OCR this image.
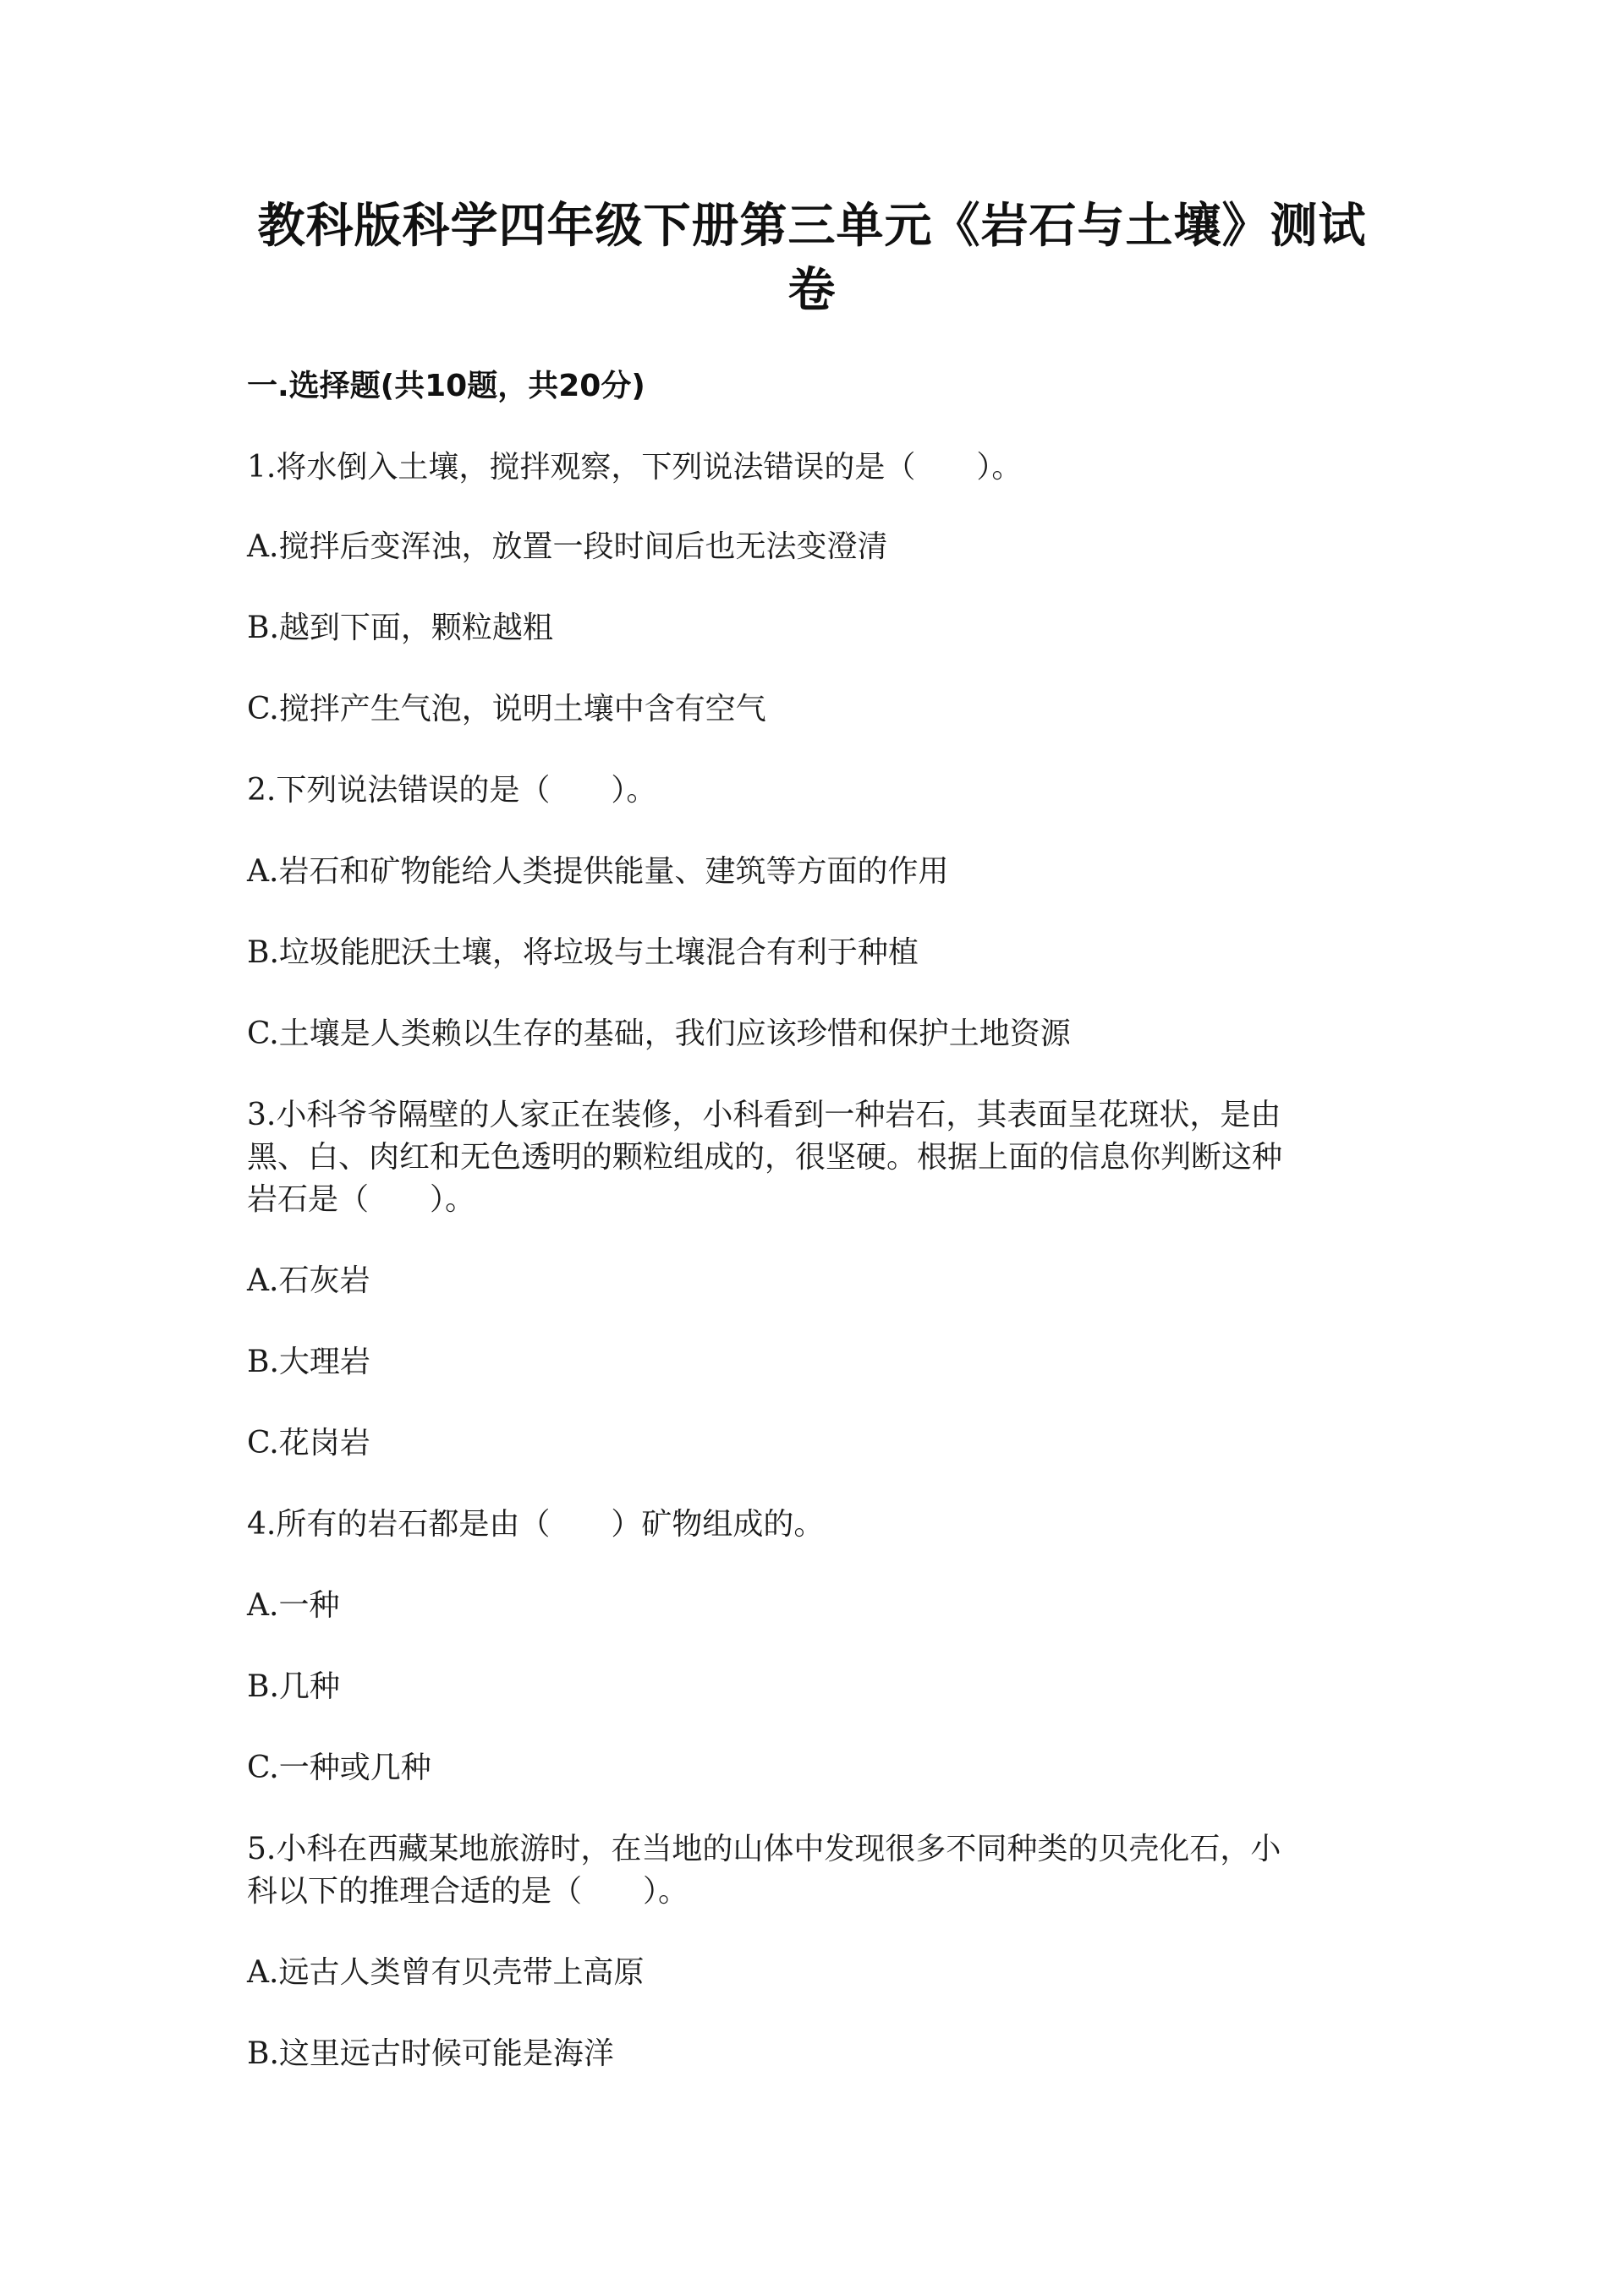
教科版科学四年级下册第三单元《岩石与土壤》测试卷
一.选择题(共10题，共20分)

1.将水倒入土壤，搅拌观察，下列说法错误的是（　　）。

A.搅拌后变浑浊，放置一段时间后也无法变澄清

B.越到下面，颗粒越粗

C.搅拌产生气泡，说明土壤中含有空气

2.下列说法错误的是（　　）。

A.岩石和矿物能给人类提供能量、建筑等方面的作用

B.垃圾能肥沃土壤，将垃圾与土壤混合有利于种植

C.土壤是人类赖以生存的基础，我们应该珍惜和保护土地资源

3.小科爷爷隔壁的人家正在装修，小科看到一种岩石，其表面呈花斑状，是由

黑、白、肉红和无色透明的颗粒组成的，很坚硬。根据上面的信息你判断这种

岩石是（　　）。

A.石灰岩

B.大理岩

C.花岗岩

4.所有的岩石都是由（　　）矿物组成的。

A.一种

B.几种

C.一种或几种

5.小科在西藏某地旅游时，在当地的山体中发现很多不同种类的贝壳化石，小

科以下的推理合适的是（　　）。

A.远古人类曾有贝壳带上高原

B.这里远古时候可能是海洋
